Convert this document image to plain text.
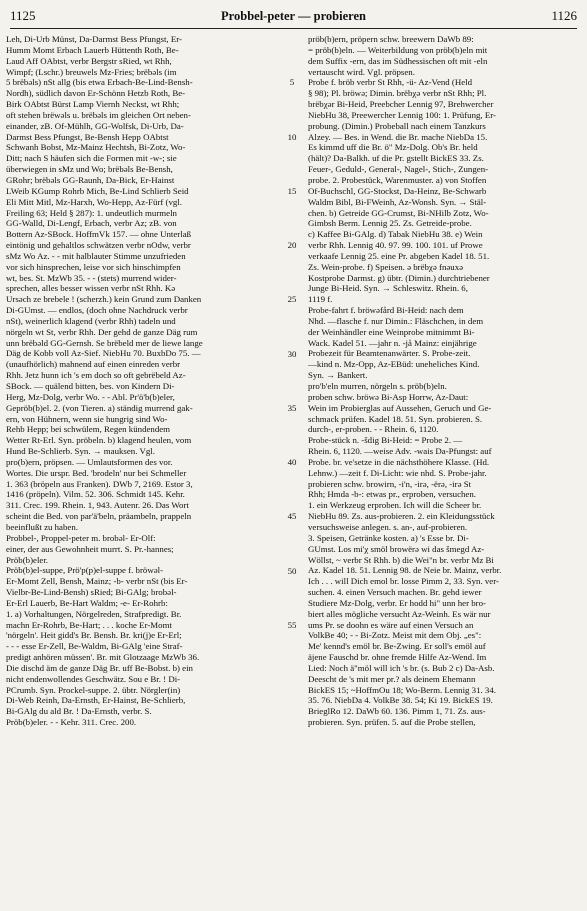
1125	Probbel-peter — probieren	1126
Leh, Di-Urb Münst, Da-Darmst Bess Pfungst, Er-
Humm Momt Erbach Lauerb Hüttenth Roth, Be-
Laud Aff OAbtst, verbr Bergstr sRied, wt Rhh,
Wimpf; (Lschr.) breuwels Mz-Fries; brëbəls (im
5 brëbəls) nSt allg (bis etwa Erbach-Be-Lind-Bensh-
Nordh), südlich davon Er-Schönn Hetzb Roth, Be-
Birk OAbtst Bürst Lamp Viernh Neckst, wt Rhh;
oft stehen brëwəls u. brëbəls im gleichen Ort neben-
einander, zB. Of-Mühlh, GG-Wolfsk, Di-Urb, Da-
Darmst Bess Pfungst, Be-Bensh Hepp OAbtst
Schwanh Bobst, Mz-Mainz Hechtsh, Bi-Zotz, Wo-
Ditt; nach S häufen sich die Formen mit -w-; sie
überwiegen in sMz und Wo; brëbəls Be-Bensh,
GRohr; brëbəls GG-Raunh, Da-Bick, Er-Hainst
LWeib KGump Rohrb Mich, Be-Lind Schlierb Seid
Eli Mitt Mitl, Mz-Harxh, Wo-Hepp, Az-Fürf (vgl.
Freiling 63; Held § 287): 1. undeutlich murmeln
GG-Walld, Di-Lengf, Erbach, verbr Az; zB. von
Bottern Az-SBock. HoffmVk 157. — ohne Unterlaß
eintönig und gehaltlos schwätzen verbr nOdw, verbr
sMz Wo Az. - - mit halblauter Stimme unzufrieden
vor sich hinsprechen, leise vor sich hinschimpfen
wt, bes. St. MzWb 35. - - (stets) murrend wider-
sprechen, alles besser wissen verbr nSt Rhh. Kə
Ursəch ze brebele ! (scherzh.) kein Grund zum Danken
Di-GUmst. — endlos, (doch ohne Nachdruck verbr
nSt), weinerlich klagend (verbr Rhh) tadeln und
nörgeln wt St, verbr Rhh. Der gehd de ganze Däg rum
unn brëbəld GG-Gernsh. Se brëbeld mer de liewe lange
Däg de Kobb voll Az-Sief. NiebHu 70. BuxbDo 75. —
(unaufhörlich) mahnend auf einen einreden verbr
Rhh. Jetz hunn ich 's em doch so oft gebrëbeld Az-
SBock. — quälend bitten, bes. von Kindern Di-
Herg, Mz-Dolg, verbr Wo. - - Abl. Pr'ö'b(b)eler,
Gepröb(b)el. 2. (von Tieren. a) ständig murrend gak-
ern, von Hühnern, wenn sie hungrig sind Wo-
Rehb Hepp; bei schwülem, Regen kündendem
Wetter Rt-Erl. Syn. pröbeln. b) klagend heulen, vom
Hund Be-Schlierb. Syn. → mauksen. Vgl.
pro(b)ern, pröpsen. — Umlautsformen des vor.
Wortes. Die urspr. Bed. 'brodeln' nur bei Schmeller
1. 363 (bröpeln aus Franken). DWb 7, 2169. Estor 3,
1416 (pröpeln). Vilm. 52. 306. Schmidt 145. Kehr.
311. Crec. 199. Rhein. 1, 943. Autenr. 26. Das Wort
scheint die Bed. von par'ä'beln, präambeln, prappeln
beeinflußt zu haben.
Probbel-, Proppel-peter m. brobəl- Er-Olf:
einer, der aus Gewohnheit murrt. S. Pr.-hannes;
Pröb(b)eler.
Pröb(b)el-suppe, Prö'p(p)el-suppe f. bröwəl-
Er-Momt Zell, Bensh, Mainz; -b- verbr nSt (bis Er-
Vielbr-Be-Lind-Bensh) sRied; Bi-GAlg; brobəl-
Er-Erl Lauerb, Be-Hart Waldm; -e- Er-Rohrb:
1. a) Vorhaltungen, Nörgelreden, Strafpredigt. Br.
machn Er-Rohrb, Be-Hart; . . . koche Er-Momt
'nörgeln'. Heit gidd's Br. Bensh. Br. kri(j)e Er-Erl;
- - - esse Er-Zell, Be-Waldm, Bi-GAlg 'eine Straf-
predigt anhören müssen'. Br. mit Glotzaage MzWb 36.
Die dischd äm de ganze Däg Br. uff Be-Bobst. b) ein
nicht endenwollendes Geschwätz. Sou e Br. ! Di-
PCrumb. Syn. Prockel-suppe. 2. übtr. Nörgler(in)
Di-Web Reinh, Da-Ernsth, Er-Hainst, Be-Schlierb,
Bi-GAlg du ald Br. ! Da-Ernsth, verbr. S.
Pröb(b)eler. - - Kehr. 311. Crec. 200.
5
10
15
20
25
30
35
40
45
50
55
pröb(b)ern, pröpern schw. breewern DaWb 89:
= pröb(b)eln. — Weiterbildung von pröb(b)eln mit
dem Suffix -ern, das im Südhessischen oft mit -eln
vertauscht wird. Vgl. pröpsen.
Probe f. bröb verbr St Rhh, -ü- Az-Vend (Held
§ 98); Pl. bröwə; Dimin. brëbχə verbr nSt Rhh; Pl.
brëbχər Bi-Heid, Preebcher Lennig 97, Brehwercher
NiebHu 38, Preewercher Lennig 100: 1. Prüfung, Er-
probung. (Dimin.) Probeball nach einem Tanzkurs
Alzey. — Bes. in Wend. die Br. mache NiebDa 15.
Es kimmd uff die Br. ö" Mz-Dolg. Ob's Br. held
(hält)? Da-Balkh. uf die Pr. gstellt BickES 33. Zs.
Feuer-, Geduld-, General-, Nagel-, Stich-, Zungen-
probe. 2. Probestück, Warenmuster. a) von Stoffen
Of-Buchschl, GG-Stockst, Da-Heinz, Be-Schwarb
Waldm Bibl, Bi-FWeinh, Az-Wonsh. Syn. → Stäl-
chen. b) Getreide GG-Crumst, Bi-NHilb Zotz, Wo-
Gimbsh Berm. Lennig 25. Zs. Getreide-probe.
c) Kaffee Bi-GAlg. d) Tabak NiebHu 38. e) Wein
verbr Rhh. Lennig 40. 97. 99. 100. 101. uf Prowe
verkaafe Lennig 25. eine Pr. abgeben Kadel 18. 51.
Zs. Wein-probe. f) Speisen. ə brëbχə fnəuxə
Kostprobe Darmst. g) übtr. (Dimin.) durchtriebener
Junge Bi-Heid. Syn. → Schleswitz. Rhein. 6,
1119 f.
Probe-fahrt f. bröwəfård Bi-Heid: nach dem
Nhd. —flasche f. nur Dimin.: Fläschchen, in dem
der Weinhändler eine Weinprobe mitnimmt Bi-
Wack. Kadel 51. —jahr n. -jå Mainz: einjährige
Probezeit für Beamtenanwärter. S. Probe-zeit.
—kind n. Mz-Opp, Az-EBüd: uneheliches Kind.
Syn. → Bankert.
pro'b'eln murren, nörgeln s. pröb(b)eln.
proben schw. bröwə Bi-Asp Horrw, Az-Daut:
Wein im Probierglas auf Aussehen, Geruch und Ge-
schmack prüfen. Kadel 18. 51. Syn. probieren. S.
durch-, er-proben. - - Rhein. 6, 1120.
Probe-stück n. -šdig Bi-Heid: = Probe 2. —
Rhein. 6, 1120. —weise Adv. -wais Da-Pfungst: auf
Probe. br. ve'setze in die nächsthöhere Klasse. (Hd.
Lehnw.) —zeit f. Di-Licht: wie nhd. S. Probe-jahr.
probieren schw. browirn, -i'n, -irə, -ërə, -irə St
Rhh; Hmda -b-: etwas pr., erproben, versuchen.
1. ein Werkzeug erproben. Ich will die Scheer br.
NiebHu 89. Zs. aus-probieren. 2. ein Kleidungsstück
versuchsweise anlegen. s. an-, auf-probieren.
3. Speisen, Getränke kosten. a) 's Esse br. Di-
GUmst. Los mi'χ smöl browërə wi das šmegd Az-
Wöllst, ~ verbr St Rhh. b) die Wei"n br. verbr Mz Bi
Az. Kadel 18. 51. Lennig 98. de Neie br. Mainz, verbr.
Ich . . . will Dich emol br. losse Pimm 2, 33. Syn. ver-
suchen. 4. einen Versuch machen. Br. gehd iewer
Studiere Mz-Dolg, verbr. Er hodd hi" unn her bro-
biert alles mögliche versucht Az-Weinh. Es wär nur
ums Pr. se doohn es wäre auf einen Versuch an
VolkBe 40; - - Bi-Zotz. Meist mit dem Obj. „es":
Me' kennd's emöl br. Be-Zwing. Er soll's emöl auf
äjene Fauschd br. ohne fremde Hilfe Az-Wend. Im
Lied: Noch ä"möl will ich 's br. (s. Bub 2 c) Da-Asb.
Deescht de 's mit mer pr.? als deinem Ehemann
BickES 15; ~HoffmOu 18; Wo-Berm. Lennig 31. 34.
35. 76. NiebDa 4. VolkBe 38. 54; Ki 19. BickES 19.
BrieglRo 12. DaWb 60. 136. Pimm 1, 71. Zs. aus-
probieren. Syn. prüfen. 5. auf die Probe stellen,
